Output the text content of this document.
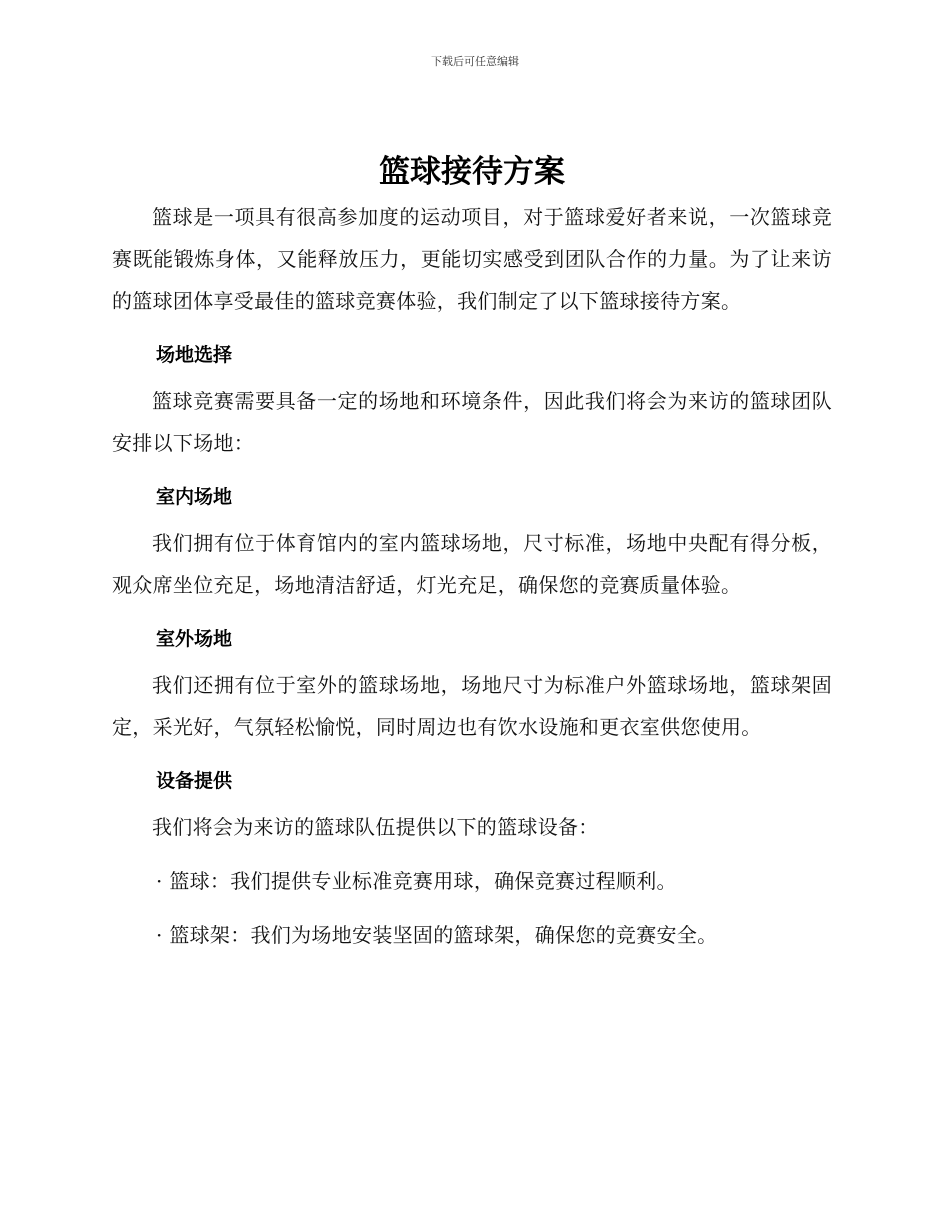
下载后可任意编辑
篮球接待方案

篮球是一项具有很高参加度的运动项目，对于篮球爱好者来说，一次篮球竞赛既能锻炼身体，又能释放压力，更能切实感受到团队合作的力量。为了让来访的篮球团体享受最佳的篮球竞赛体验，我们制定了以下篮球接待方案。

场地选择

篮球竞赛需要具备一定的场地和环境条件，因此我们将会为来访的篮球团队安排以下场地：

室内场地

我们拥有位于体育馆内的室内篮球场地，尺寸标准，场地中央配有得分板，观众席坐位充足，场地清洁舒适，灯光充足，确保您的竞赛质量体验。

室外场地

我们还拥有位于室外的篮球场地，场地尺寸为标准户外篮球场地，篮球架固定，采光好，气氛轻松愉悦，同时周边也有饮水设施和更衣室供您使用。

设备提供

我们将会为来访的篮球队伍提供以下的篮球设备：

· 篮球：我们提供专业标准竞赛用球，确保竞赛过程顺利。
· 篮球架：我们为场地安装坚固的篮球架，确保您的竞赛安全。
